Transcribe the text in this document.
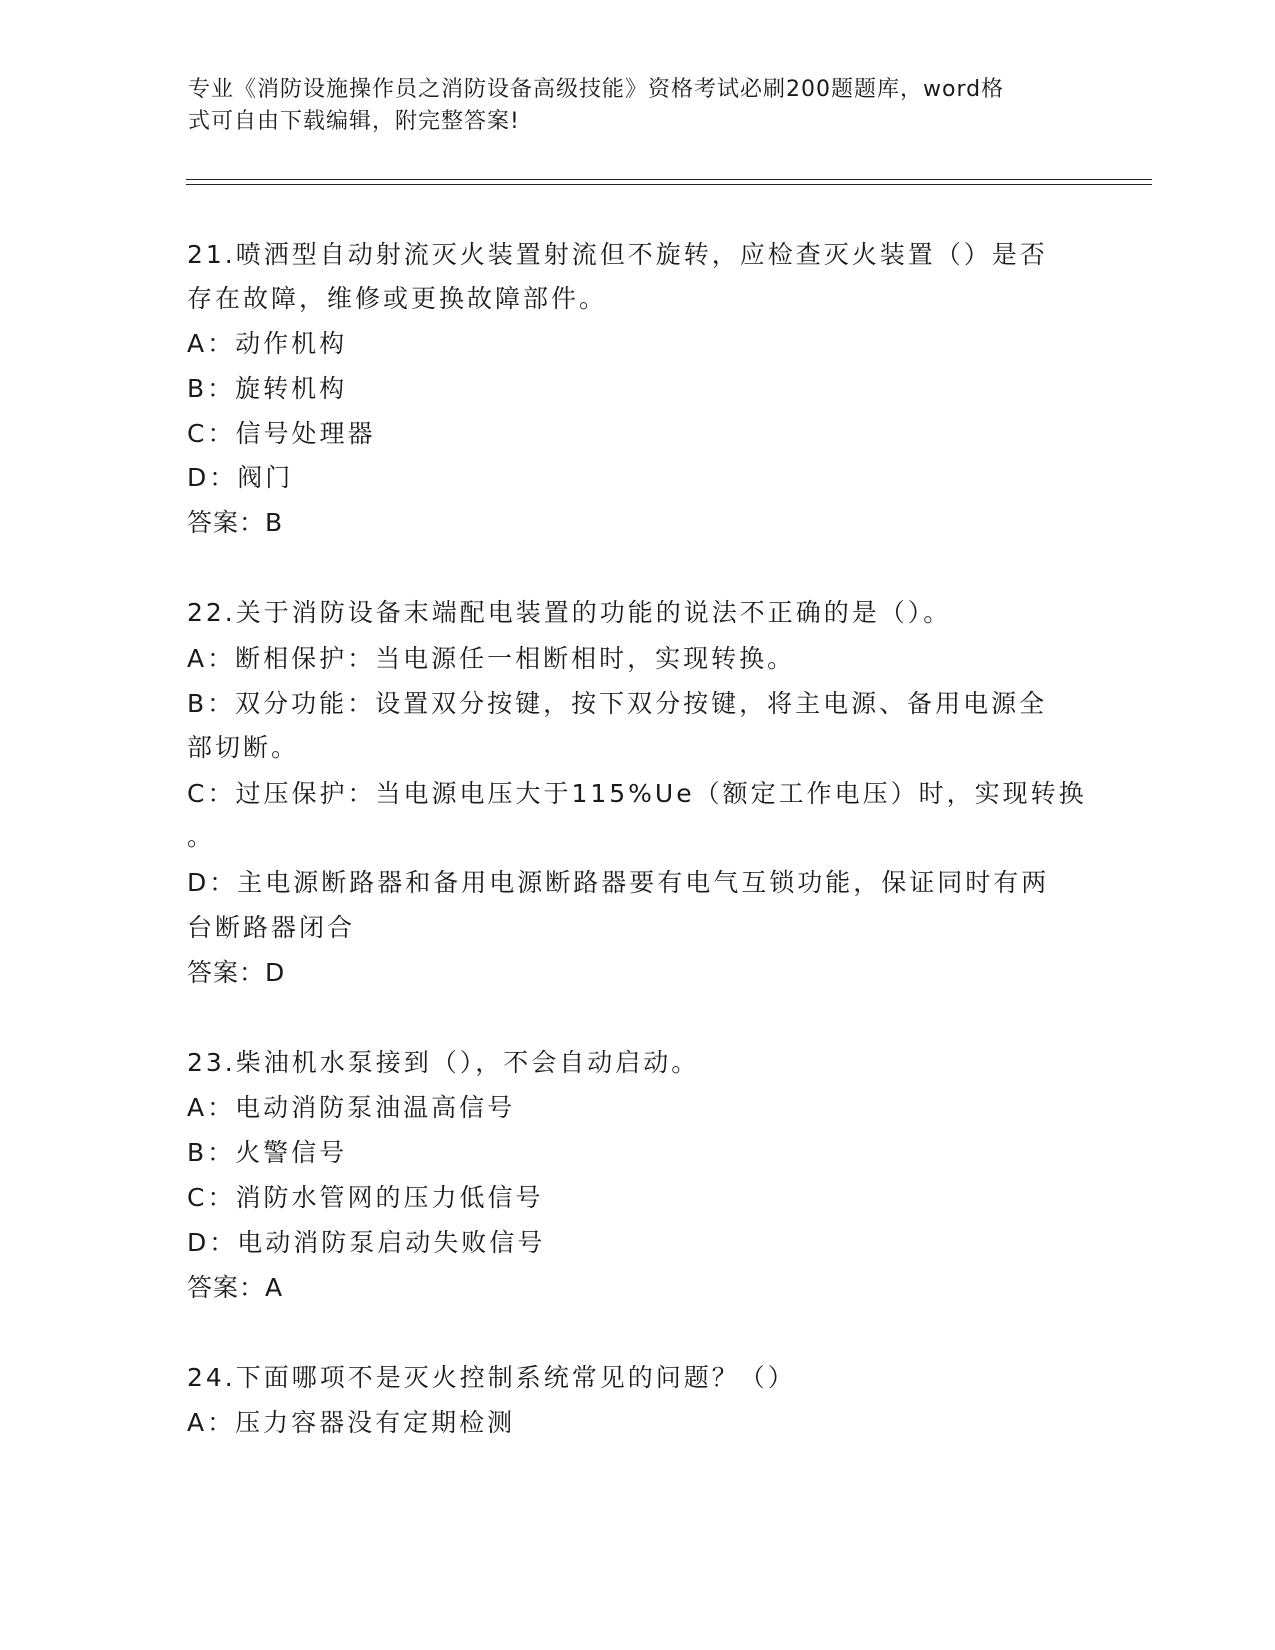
专业《消防设施操作员之消防设备高级技能》资格考试必刷200题题库，word格
式可自由下载编辑，附完整答案!
21.喷洒型自动射流灭火装置射流但不旋转，应检查灭火装置（）是否
存在故障，维修或更换故障部件。
A：动作机构
B：旋转机构
C：信号处理器
D：阀门
答案：B
22.关于消防设备末端配电装置的功能的说法不正确的是（）。
A：断相保护：当电源任一相断相时，实现转换。
B：双分功能：设置双分按键，按下双分按键，将主电源、备用电源全
部切断。
C：过压保护：当电源电压大于115%Ue（额定工作电压）时，实现转换
。
D：主电源断路器和备用电源断路器要有电气互锁功能，保证同时有两
台断路器闭合
答案：D
23.柴油机水泵接到（），不会自动启动。
A：电动消防泵油温高信号
B：火警信号
C：消防水管网的压力低信号
D：电动消防泵启动失败信号
答案：A
24.下面哪项不是灭火控制系统常见的问题？（）
A：压力容器没有定期检测
